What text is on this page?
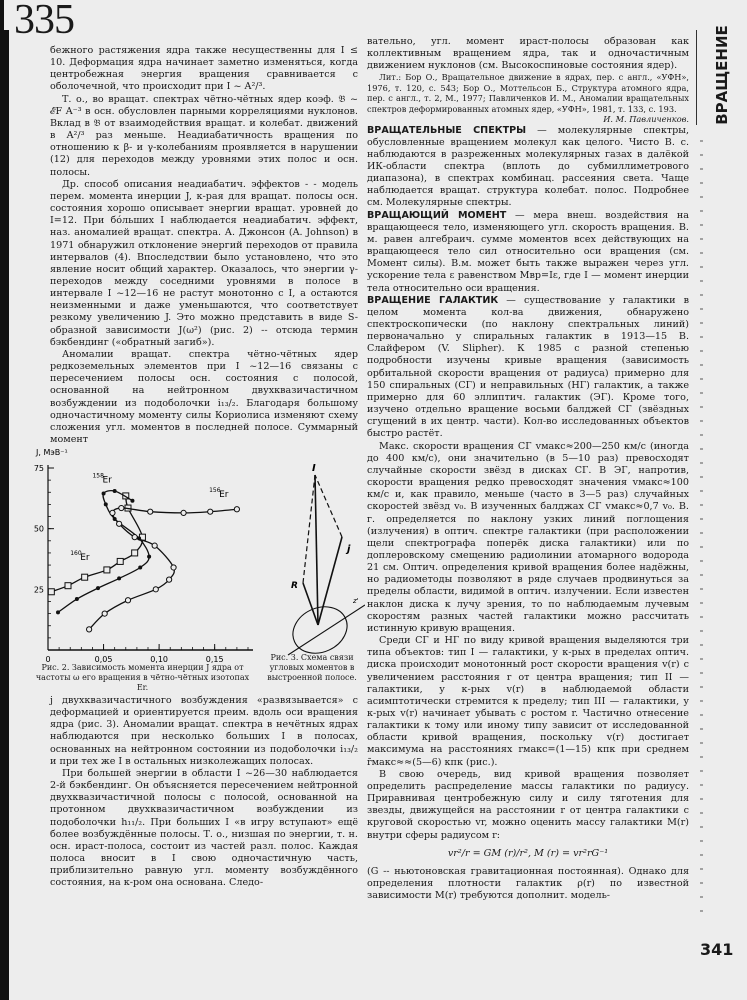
335

бежного растяжения ядра также несущественны для I ≤ 10. Деформация ядра начинает заметно изменяться, когда центробежная энергия вращения сравнивается с оболочечной, что происходит при I ~ A²/³.

Т. о., во вращат. спектрах чётно-чётных ядер коэф. 𝔅 ~ ℰF A⁻³ в осн. обусловлен парными корреляциями нуклонов. Вклад в 𝔅 от взаимодействия вращат. и колебат. движений в A²/³ раз меньше. Неадиабатичность вращения по отношению к β- и γ-колебаниям проявляется в нарушении (12) для переходов между уровнями этих полос и осн. полосы.

Др. способ описания неадиабатич. эффектов - - модель перем. момента инерции J, к-рая для вращат. полосы осн. состояния хорошо описывает энергии вращат. уровней до I=12. При бóльших I наблюдается неадиабатич. эффект, наз. аномалией вращат. спектра. А. Джонсон (A. Johnson) в 1971 обнаружил отклонение энергий переходов от правила интервалов (4). Впоследствии было установлено, что это явление носит общий характер. Оказалось, что энергии γ-переходов между соседними уровнями в полосе в интервале I ~12—16 не растут монотонно с I, а остаются неизменными и даже уменьшаются, что соответствует резкому увеличению J. Это можно представить в виде S-образной зависимости J(ω²) (рис. 2) -- отсюда термин бэкбендинг («обратный загиб»).

Аномалии вращат. спектра чётно-чётных ядер редкоземельных элементов при I ~12—16 связаны с пересечением полосы осн. состояния с полосой, основанной на нейтронном двухквазичастичном возбуждении из подоболочки i₁₃/₂. Благодаря большому одночастичному моменту силы Кориолиса изменяют схему сложения угл. моментов в последней полосе. Суммарный момент

0	0,05	0,10	0,15
25
50
75
J, МэВ⁻¹
160
Er
158
Er
156
Er
I
j
R
z'
Рис. 2. Зависимость момента инерции J ядра от частоты ω его вращения в чётно-чётных изотопах Er.
Рис. 3. Схема связи угловых моментов в выстроенной полосе.

j двухквазичастичного возбуждения «развязывается» с деформацией и ориентируется преим. вдоль оси вращения ядра (рис. 3). Аномалии вращат. спектра в нечётных ядрах наблюдаются при несколько больших I в полосах, основанных на нейтронном состоянии из подоболочки i₁₃/₂ и при тех же I в остальных низколежащих полосах.

При большей энергии в области I ~26—30 наблюдается 2-й бэкбендинг. Он объясняется пересечением нейтронной двухквазичастичной полосы с полосой, основанной на протонном двухквазичастичном возбуждении из подоболочки h₁₁/₂. При больших I «в игру вступают» ещё более возбуждённые полосы. Т. о., низшая по энергии, т. н. осн. ираст-полоса, состоит из частей разл. полос. Каждая полоса вносит в I свою одночастичную часть, приблизительно равную угл. моменту возбуждённого состояния, на к-ром она основана. Следо-

вательно, угл. момент ираст-полосы образован как коллективным вращением ядра, так и одночастичным движением нуклонов (см. Высокоспиновые состояния ядер).

Лит.: Бор О., Вращательное движение в ядрах, пер. с англ., «УФН», 1976, т. 120, с. 543; Бор О., Моттельсон Б., Структура атомного ядра, пер. с англ., т. 2, М., 1977; Павличенков И. М., Аномалии вращательных спектров деформированных атомных ядер, «УФН», 1981, т. 133, с. 193.

И. М. Павличенков.

ВРАЩАТЕЛЬНЫЕ СПЕКТРЫ — молекулярные спектры, обусловленные вращением молекул как целого. Чисто В. с. наблюдаются в разреженных молекулярных газах в далёкой ИК-области спектра (вплоть до субмиллиметрового диапазона), в спектрах комбинац. рассеяния света. Чаще наблюдается вращат. структура колебат. полос. Подробнее см. Молекулярные спектры.

ВРАЩАЮЩИЙ МОМЕНТ — мера внеш. воздействия на вращающееся тело, изменяющего угл. скорость вращения. В. м. равен алгебраич. сумме моментов всех действующих на вращающееся тело сил относительно оси вращения (см. Момент силы). В.м. может быть также выражен через угл. ускорение тела ε равенством Mвр=Iε, где I — момент инерции тела относительно оси вращения.

ВРАЩЕНИЕ ГАЛАКТИК — существование у галактики в целом момента кол-ва движения, обнаружено спектроскопически (по наклону спектральных линий) первоначально у спиральных галактик в 1913—15 В. Слайфером (V. Slipher). К 1985 с разной степенью подробности изучены кривые вращения (зависимость орбитальной скорости вращения от радиуса) примерно для 150 спиральных (СГ) и неправильных (НГ) галактик, а также примерно для 60 эллиптич. галактик (ЭГ). Кроме того, изучено отдельно вращение восьми балджей СГ (звёздных сгущений в их центр. части). Кол-во исследованных объектов быстро растёт.

Макс. скорости вращения СГ vмакс≈200—250 км/с (иногда до 400 км/с), они значительно (в 5—10 раз) превосходят случайные скорости звёзд в дисках СГ. В ЭГ, напротив, скорости вращения редко превосходят значения vмакс≈100 км/с и, как правило, меньше (часто в 3—5 раз) случайных скоростей звёзд v₀. В изученных балджах СГ vмакс≈0,7 v₀. В. г. определяется по наклону узких линий поглощения (излучения) в оптич. спектре галактики (при расположении щели спектрографа поперёк диска галактики) или по доплеровскому смещению радиолинии атомарного водорода 21 см. Оптич. определения кривой вращения более надёжны, но радиометоды позволяют в ряде случаев продвинуться за пределы области, видимой в оптич. излучении. Если известен наклон диска к лучу зрения, то по наблюдаемым лучевым скоростям разных частей галактики можно рассчитать истинную кривую вращения.

Среди СГ и НГ по виду кривой вращения выделяются три типа объектов: тип I — галактики, у к-рых в пределах оптич. диска происходит монотонный рост скорости вращения v(r) с увеличением расстояния r от центра вращения; тип II — галактики, у к-рых v(r) в наблюдаемой области асимптотически стремится к пределу; тип III — галактики, у к-рых v(r) начинает убывать с ростом r. Частично отнесение галактики к тому или иному типу зависит от исследованной области кривой вращения, поскольку v(r) достигает максимума на расстояниях rмакс=(1—15) кпк при среднем r̄макс≈≈(5—6) кпк (рис.).

В свою очередь, вид кривой вращения позволяет определить распределение массы галактики по радиусу. Приравнивая центробежную силу и силу тяготения для звезды, движущейся на расстоянии r от центра галактики с круговой скоростью vr, можно оценить массу галактики M(r) внутри сферы радиусом r:

vr²/r = GM (r)/r², M (r) = vr²rG⁻¹

(G -- ньютоновская гравитационная постоянная). Однако для определения плотности галактик ρ(r) по известной зависимости M(r) требуются дополнит. модель-

ВРАЩЕНИЕ
341
